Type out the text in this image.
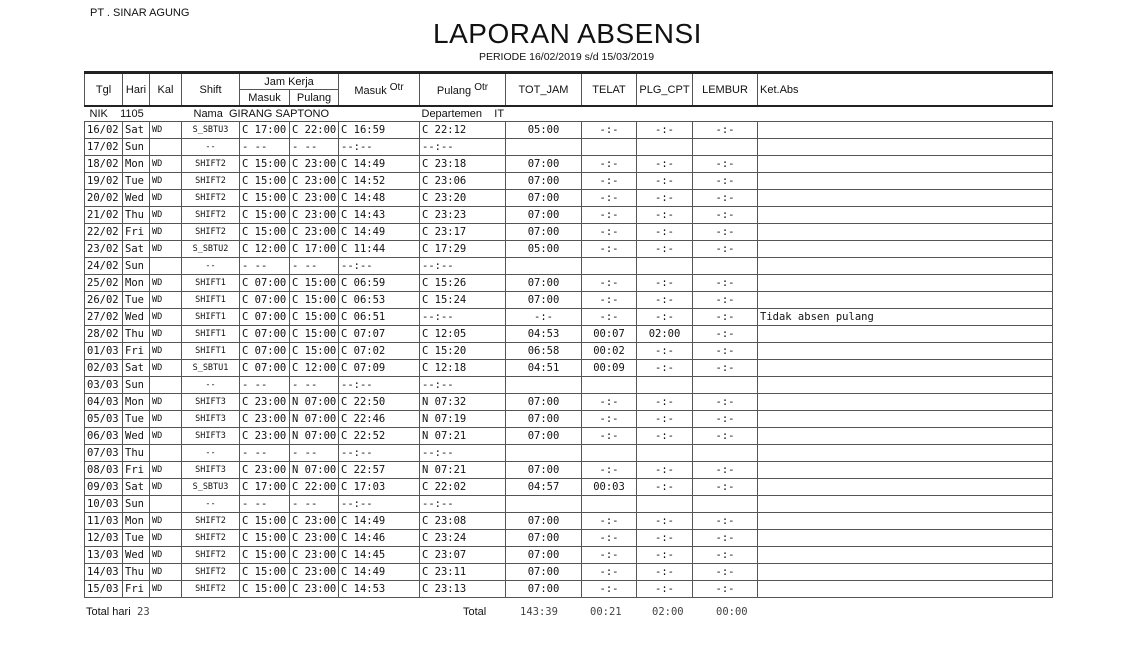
PT . SINAR AGUNG
LAPORAN ABSENSI
PERIODE 16/02/2019 s/d 15/03/2019
Tgl	Hari	Kal	Shift	Jam Kerja		Masuk Otr	Pulang Otr	TOT_JAM	TELAT	PLG_CPT	LEMBUR	Ket.Abs
				Masuk	Pulang							
NIK 1105			Nama GIRANG SAPTONO				Departemen IT					
16/02	Sat	WD	S_SBTU3	C 17:00	C 22:00	C 16:59	C 22:12	05:00	-:-	-:-	-:-	
17/02	Sun		--	- --	- --	--:--	--:--					
18/02	Mon	WD	SHIFT2	C 15:00	C 23:00	C 14:49	C 23:18	07:00	-:-	-:-	-:-	
19/02	Tue	WD	SHIFT2	C 15:00	C 23:00	C 14:52	C 23:06	07:00	-:-	-:-	-:-	
20/02	Wed	WD	SHIFT2	C 15:00	C 23:00	C 14:48	C 23:20	07:00	-:-	-:-	-:-	
21/02	Thu	WD	SHIFT2	C 15:00	C 23:00	C 14:43	C 23:23	07:00	-:-	-:-	-:-	
22/02	Fri	WD	SHIFT2	C 15:00	C 23:00	C 14:49	C 23:17	07:00	-:-	-:-	-:-	
23/02	Sat	WD	S_SBTU2	C 12:00	C 17:00	C 11:44	C 17:29	05:00	-:-	-:-	-:-	
24/02	Sun		--	- --	- --	--:--	--:--					
25/02	Mon	WD	SHIFT1	C 07:00	C 15:00	C 06:59	C 15:26	07:00	-:-	-:-	-:-	
26/02	Tue	WD	SHIFT1	C 07:00	C 15:00	C 06:53	C 15:24	07:00	-:-	-:-	-:-	
27/02	Wed	WD	SHIFT1	C 07:00	C 15:00	C 06:51	--:--	-:-	-:-	-:-	-:-	Tidak absen pulang
28/02	Thu	WD	SHIFT1	C 07:00	C 15:00	C 07:07	C 12:05	04:53	00:07	02:00	-:-	
01/03	Fri	WD	SHIFT1	C 07:00	C 15:00	C 07:02	C 15:20	06:58	00:02	-:-	-:-	
02/03	Sat	WD	S_SBTU1	C 07:00	C 12:00	C 07:09	C 12:18	04:51	00:09	-:-	-:-	
03/03	Sun		--	- --	- --	--:--	--:--					
04/03	Mon	WD	SHIFT3	C 23:00	N 07:00	C 22:50	N 07:32	07:00	-:-	-:-	-:-	
05/03	Tue	WD	SHIFT3	C 23:00	N 07:00	C 22:46	N 07:19	07:00	-:-	-:-	-:-	
06/03	Wed	WD	SHIFT3	C 23:00	N 07:00	C 22:52	N 07:21	07:00	-:-	-:-	-:-	
07/03	Thu		--	- --	- --	--:--	--:--					
08/03	Fri	WD	SHIFT3	C 23:00	N 07:00	C 22:57	N 07:21	07:00	-:-	-:-	-:-	
09/03	Sat	WD	S_SBTU3	C 17:00	C 22:00	C 17:03	C 22:02	04:57	00:03	-:-	-:-	
10/03	Sun		--	- --	- --	--:--	--:--					
11/03	Mon	WD	SHIFT2	C 15:00	C 23:00	C 14:49	C 23:08	07:00	-:-	-:-	-:-	
12/03	Tue	WD	SHIFT2	C 15:00	C 23:00	C 14:46	C 23:24	07:00	-:-	-:-	-:-	
13/03	Wed	WD	SHIFT2	C 15:00	C 23:00	C 14:45	C 23:07	07:00	-:-	-:-	-:-	
14/03	Thu	WD	SHIFT2	C 15:00	C 23:00	C 14:49	C 23:11	07:00	-:-	-:-	-:-	
15/03	Fri	WD	SHIFT2	C 15:00	C 23:00	C 14:53	C 23:13	07:00	-:-	-:-	-:-	
Total hari 23	Total	143:39	00:21	02:00	00:00
